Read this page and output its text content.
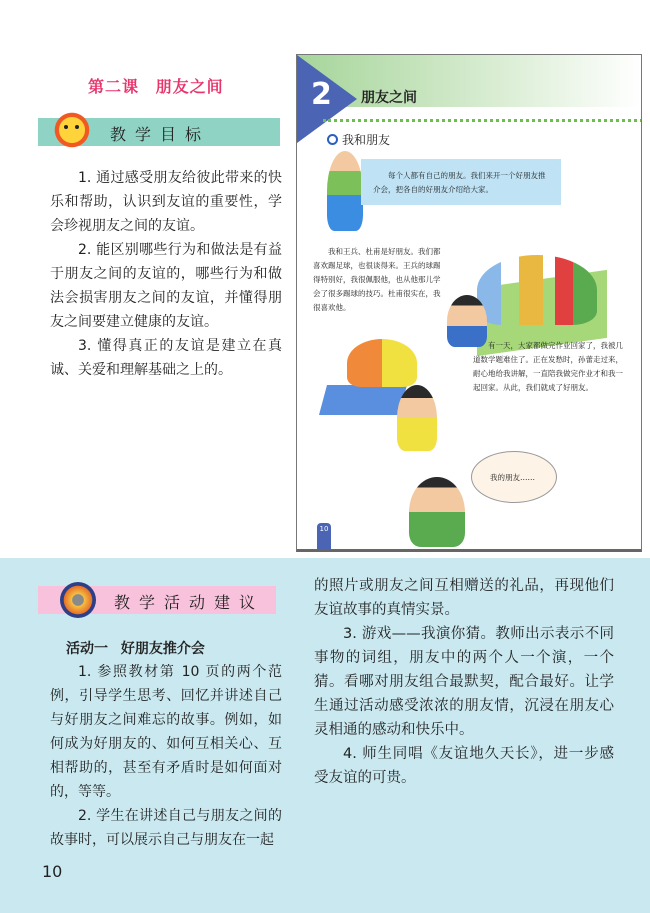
第二课 朋友之间
教学目标

1. 通过感受朋友给彼此带来的快乐和帮助，认识到友谊的重要性，学会珍视朋友之间的友谊。

2. 能区别哪些行为和做法是有益于朋友之间的友谊的，哪些行为和做法会损害朋友之间的友谊，并懂得朋友之间要建立健康的友谊。

3. 懂得真正的友谊是建立在真诚、关爱和理解基础之上的。

2 朋友之间
我和朋友
每个人都有自己的朋友。我们来开一个好朋友推介会，把各自的好朋友介绍给大家。
我和王兵、杜甫是好朋友。我们都喜欢踢足球，也很谈得来。王兵的球踢得特别好，我很佩服他，也从他那儿学会了很多踢球的技巧。杜甫很实在，我很喜欢他。
有一天，大家都做完作业回家了，我被几道数学题难住了。正在发愁时，孙蕾走过来，耐心地给我讲解，一直陪我做完作业才和我一起回家。从此，我们就成了好朋友。
我的朋友……
10
教学活动建议
活动一 好朋友推介会

1. 参照教材第 10 页的两个范例，引导学生思考、回忆并讲述自己与好朋友之间难忘的故事。例如，如何成为好朋友的、如何互相关心、互相帮助的，甚至有矛盾时是如何面对的，等等。

2. 学生在讲述自己与朋友之间的故事时，可以展示自己与朋友在一起

的照片或朋友之间互相赠送的礼品，再现他们友谊故事的真情实景。

3. 游戏——我演你猜。教师出示表示不同事物的词组，朋友中的两个人一个演，一个猜。看哪对朋友组合最默契，配合最好。让学生通过活动感受浓浓的朋友情，沉浸在朋友心灵相通的感动和快乐中。

4. 师生同唱《友谊地久天长》，进一步感受友谊的可贵。

10
